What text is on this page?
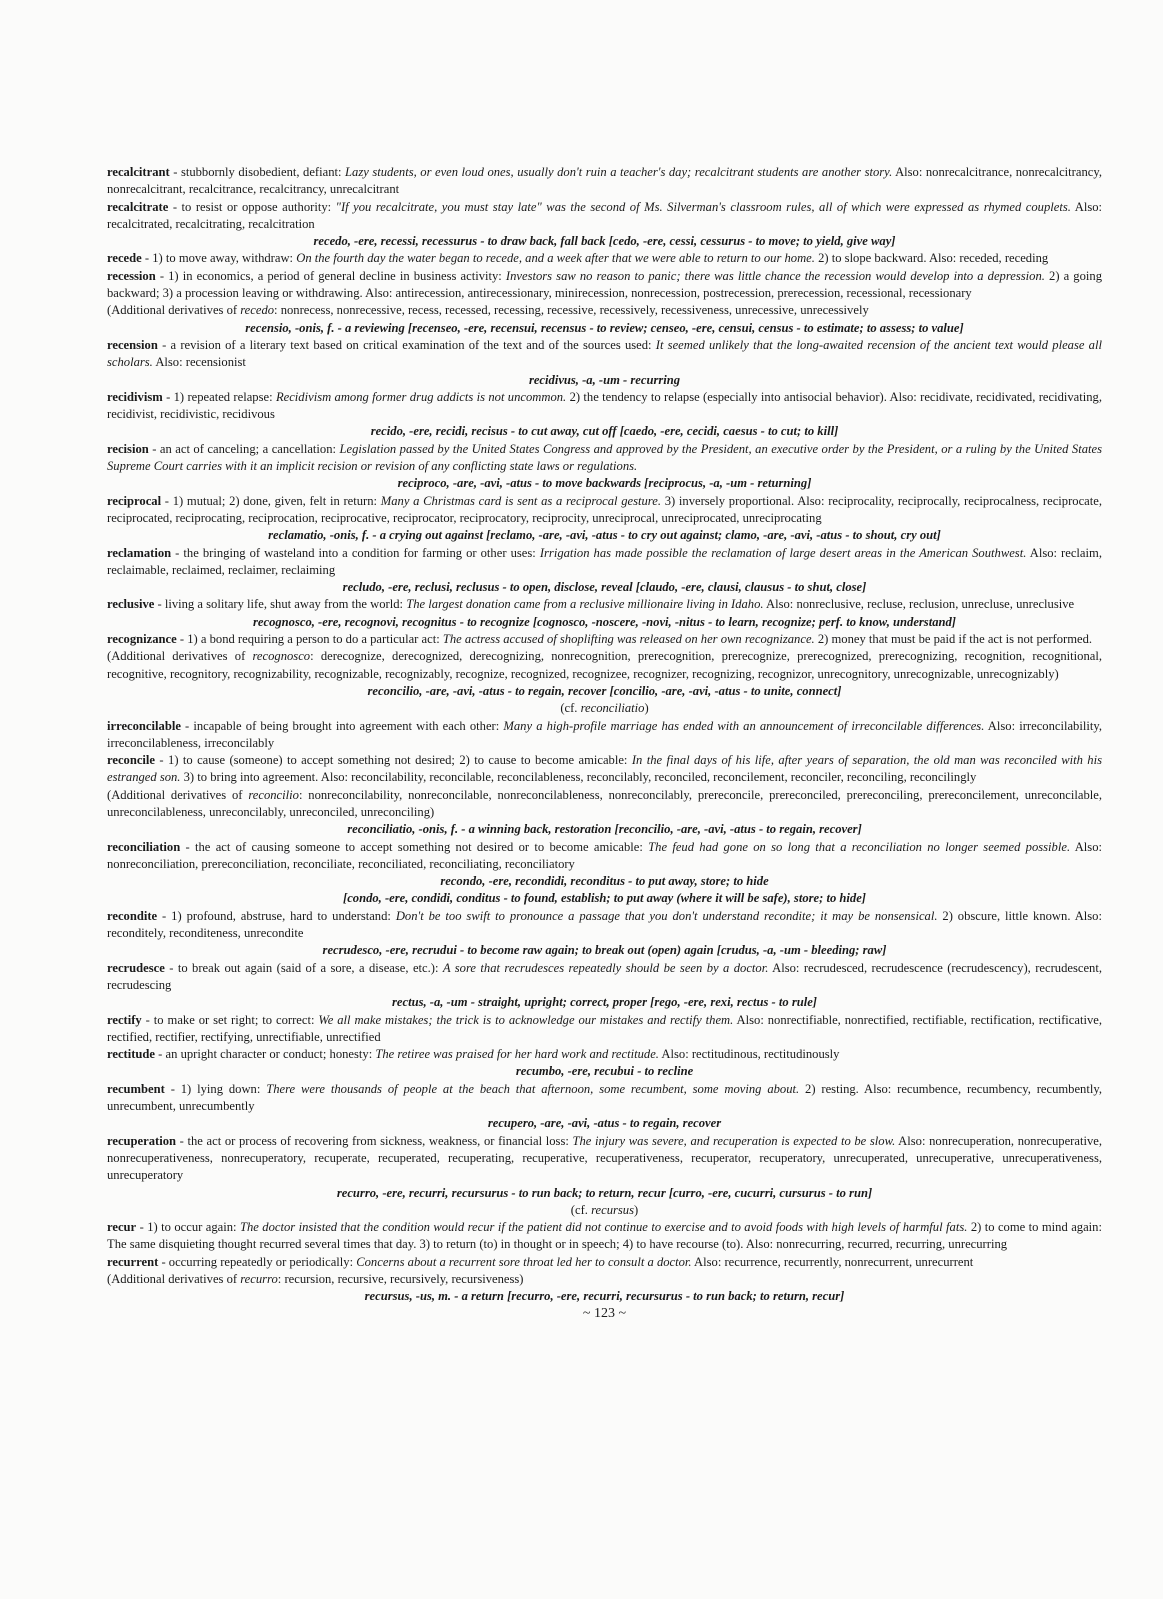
recalcitrant - stubbornly disobedient, defiant: Lazy students, or even loud ones, usually don't ruin a teacher's day; recalcitrant students are another story. Also: nonrecalcitrance, nonrecalcitrancy, nonrecalcitrant, recalcitrance, recalcitrancy, unrecalcitrant

recalcitrate - to resist or oppose authority: "If you recalcitrate, you must stay late" was the second of Ms. Silverman's classroom rules, all of which were expressed as rhymed couplets. Also: recalcitrated, recalcitrating, recalcitration

recedo, -ere, recessi, recessurus - to draw back, fall back [cedo, -ere, cessi, cessurus - to move; to yield, give way]

recede - 1) to move away, withdraw: On the fourth day the water began to recede, and a week after that we were able to return to our home. 2) to slope backward. Also: receded, receding

recession - 1) in economics, a period of general decline in business activity: Investors saw no reason to panic; there was little chance the recession would develop into a depression. 2) a going backward; 3) a procession leaving or withdrawing. Also: antirecession, antirecessionary, minirecession, nonrecession, postrecession, prerecession, recessional, recessionary

(Additional derivatives of recedo: nonrecess, nonrecessive, recess, recessed, recessing, recessive, recessively, recessiveness, unrecessive, unrecessively

recensio, -onis, f. - a reviewing [recenseo, -ere, recensui, recensus - to review; censeo, -ere, censui, census - to estimate; to assess; to value]

recension - a revision of a literary text based on critical examination of the text and of the sources used: It seemed unlikely that the long-awaited recension of the ancient text would please all scholars. Also: recensionist

recidivus, -a, -um - recurring

recidivism - 1) repeated relapse: Recidivism among former drug addicts is not uncommon. 2) the tendency to relapse (especially into antisocial behavior). Also: recidivate, recidivated, recidivating, recidivist, recidivistic, recidivous

recido, -ere, recidi, recisus - to cut away, cut off [caedo, -ere, cecidi, caesus - to cut; to kill]

recision - an act of canceling; a cancellation: Legislation passed by the United States Congress and approved by the President, an executive order by the President, or a ruling by the United States Supreme Court carries with it an implicit recision or revision of any conflicting state laws or regulations.

reciproco, -are, -avi, -atus - to move backwards [reciprocus, -a, -um - returning]

reciprocal - 1) mutual; 2) done, given, felt in return: Many a Christmas card is sent as a reciprocal gesture. 3) inversely proportional. Also: reciprocality, reciprocally, reciprocalness, reciprocate, reciprocated, reciprocating, reciprocation, reciprocative, reciprocator, reciprocatory, reciprocity, unreciprocal, unreciprocated, unreciprocating

reclamatio, -onis, f. - a crying out against [reclamo, -are, -avi, -atus - to cry out against; clamo, -are, -avi, -atus - to shout, cry out]

reclamation - the bringing of wasteland into a condition for farming or other uses: Irrigation has made possible the reclamation of large desert areas in the American Southwest. Also: reclaim, reclaimable, reclaimed, reclaimer, reclaiming

recludo, -ere, reclusi, reclusus - to open, disclose, reveal [claudo, -ere, clausi, clausus - to shut, close]

reclusive - living a solitary life, shut away from the world: The largest donation came from a reclusive millionaire living in Idaho. Also: nonreclusive, recluse, reclusion, unrecluse, unreclusive

recognosco, -ere, recognovi, recognitus - to recognize [cognosco, -noscere, -novi, -nitus - to learn, recognize; perf. to know, understand]

recognizance - 1) a bond requiring a person to do a particular act: The actress accused of shoplifting was released on her own recognizance. 2) money that must be paid if the act is not performed.

(Additional derivatives of recognosco: derecognize, derecognized, derecognizing, nonrecognition, prerecognition, prerecognize, prerecognized, prerecognizing, recognition, recognitional, recognitive, recognitory, recognizability, recognizable, recognizably, recognize, recognized, recognizee, recognizer, recognizing, recognizor, unrecognitory, unrecognizable, unrecognizably)

reconcilio, -are, -avi, -atus - to regain, recover [concilio, -are, -avi, -atus - to unite, connect]

(cf. reconciliatio)

irreconcilable - incapable of being brought into agreement with each other: Many a high-profile marriage has ended with an announcement of irreconcilable differences. Also: irreconcilability, irreconcilableness, irreconcilably

reconcile - 1) to cause (someone) to accept something not desired; 2) to cause to become amicable: In the final days of his life, after years of separation, the old man was reconciled with his estranged son. 3) to bring into agreement. Also: reconcilability, reconcilable, reconcilableness, reconcilably, reconciled, reconcilement, reconciler, reconciling, reconcilingly

(Additional derivatives of reconcilio: nonreconcilability, nonreconcilable, nonreconcilableness, nonreconcilably, prereconcile, prereconciled, prereconciling, prereconcilement, unreconcilable, unreconcilableness, unreconcilably, unreconciled, unreconciling)

reconciliatio, -onis, f. - a winning back, restoration [reconcilio, -are, -avi, -atus - to regain, recover]

reconciliation - the act of causing someone to accept something not desired or to become amicable: The feud had gone on so long that a reconciliation no longer seemed possible. Also: nonreconciliation, prereconciliation, reconciliate, reconciliated, reconciliating, reconciliatory

recondo, -ere, recondidi, reconditus - to put away, store; to hide

[condo, -ere, condidi, conditus - to found, establish; to put away (where it will be safe), store; to hide]

recondite - 1) profound, abstruse, hard to understand: Don't be too swift to pronounce a passage that you don't understand recondite; it may be nonsensical. 2) obscure, little known. Also: reconditely, reconditeness, unrecondite

recrudesco, -ere, recrudui - to become raw again; to break out (open) again [crudus, -a, -um - bleeding; raw]

recrudesce - to break out again (said of a sore, a disease, etc.): A sore that recrudesces repeatedly should be seen by a doctor. Also: recrudesced, recrudescence (recrudescency), recrudescent, recrudescing

rectus, -a, -um - straight, upright; correct, proper [rego, -ere, rexi, rectus - to rule]

rectify - to make or set right; to correct: We all make mistakes; the trick is to acknowledge our mistakes and rectify them. Also: nonrectifiable, nonrectified, rectifiable, rectification, rectificative, rectified, rectifier, rectifying, unrectifiable, unrectified

rectitude - an upright character or conduct; honesty: The retiree was praised for her hard work and rectitude. Also: rectitudinous, rectitudinously

recumbo, -ere, recubui - to recline

recumbent - 1) lying down: There were thousands of people at the beach that afternoon, some recumbent, some moving about. 2) resting. Also: recumbence, recumbency, recumbently, unrecumbent, unrecumbently

recupero, -are, -avi, -atus - to regain, recover

recuperation - the act or process of recovering from sickness, weakness, or financial loss: The injury was severe, and recuperation is expected to be slow. Also: nonrecuperation, nonrecuperative, nonrecuperativeness, nonrecuperatory, recuperate, recuperated, recuperating, recuperative, recuperativeness, recuperator, recuperatory, unrecuperated, unrecuperative, unrecuperativeness, unrecuperatory

recurro, -ere, recurri, recursurus - to run back; to return, recur [curro, -ere, cucurri, cursurus - to run]

(cf. recursus)

recur - 1) to occur again: The doctor insisted that the condition would recur if the patient did not continue to exercise and to avoid foods with high levels of harmful fats. 2) to come to mind again: The same disquieting thought recurred several times that day. 3) to return (to) in thought or in speech; 4) to have recourse (to). Also: nonrecurring, recurred, recurring, unrecurring

recurrent - occurring repeatedly or periodically: Concerns about a recurrent sore throat led her to consult a doctor. Also: recurrence, recurrently, nonrecurrent, unrecurrent

(Additional derivatives of recurro: recursion, recursive, recursively, recursiveness)

recursus, -us, m. - a return [recurro, -ere, recurri, recursurus - to run back; to return, recur]

~ 123 ~
